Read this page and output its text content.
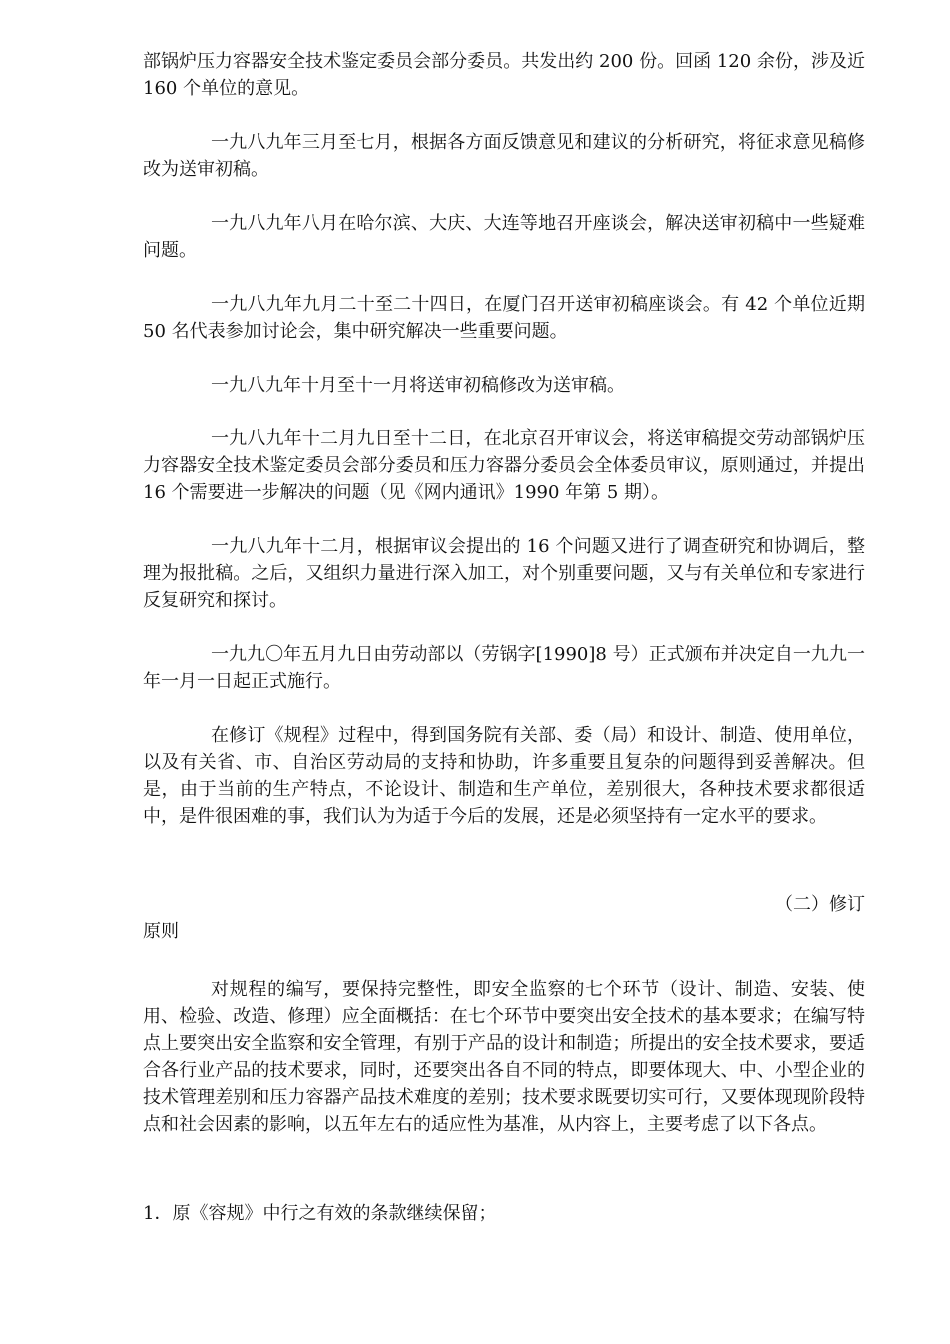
部锅炉压力容器安全技术鉴定委员会部分委员。共发出约 200 份。回函 120 余份，涉及近 160 个单位的意见。

一九八九年三月至七月，根据各方面反馈意见和建议的分析研究，将征求意见稿修改为送审初稿。

一九八九年八月在哈尔滨、大庆、大连等地召开座谈会，解决送审初稿中一些疑难问题。

一九八九年九月二十至二十四日，在厦门召开送审初稿座谈会。有 42 个单位近期 50 名代表参加讨论会，集中研究解决一些重要问题。

一九八九年十月至十一月将送审初稿修改为送审稿。

一九八九年十二月九日至十二日，在北京召开审议会，将送审稿提交劳动部锅炉压力容器安全技术鉴定委员会部分委员和压力容器分委员会全体委员审议，原则通过，并提出 16 个需要进一步解决的问题（见《网内通讯》1990 年第 5 期）。

一九八九年十二月，根据审议会提出的 16 个问题又进行了调查研究和协调后，整理为报批稿。之后，又组织力量进行深入加工，对个别重要问题，又与有关单位和专家进行反复研究和探讨。

一九九〇年五月九日由劳动部以（劳锅字[1990]8 号）正式颁布并决定自一九九一年一月一日起正式施行。

在修订《规程》过程中，得到国务院有关部、委（局）和设计、制造、使用单位，以及有关省、市、自治区劳动局的支持和协助，许多重要且复杂的问题得到妥善解决。但是，由于当前的生产特点，不论设计、制造和生产单位，差别很大，各种技术要求都很适中，是件很困难的事，我们认为为适于今后的发展，还是必须坚持有一定水平的要求。

（二）修订

原则

对规程的编写，要保持完整性，即安全监察的七个环节（设计、制造、安装、使用、检验、改造、修理）应全面概括：在七个环节中要突出安全技术的基本要求；在编写特点上要突出安全监察和安全管理，有别于产品的设计和制造；所提出的安全技术要求，要适合各行业产品的技术要求，同时，还要突出各自不同的特点，即要体现大、中、小型企业的技术管理差别和压力容器产品技术难度的差别；技术要求既要切实可行，又要体现现阶段特点和社会因素的影响，以五年左右的适应性为基准，从内容上，主要考虑了以下各点。

1．原《容规》中行之有效的条款继续保留；
